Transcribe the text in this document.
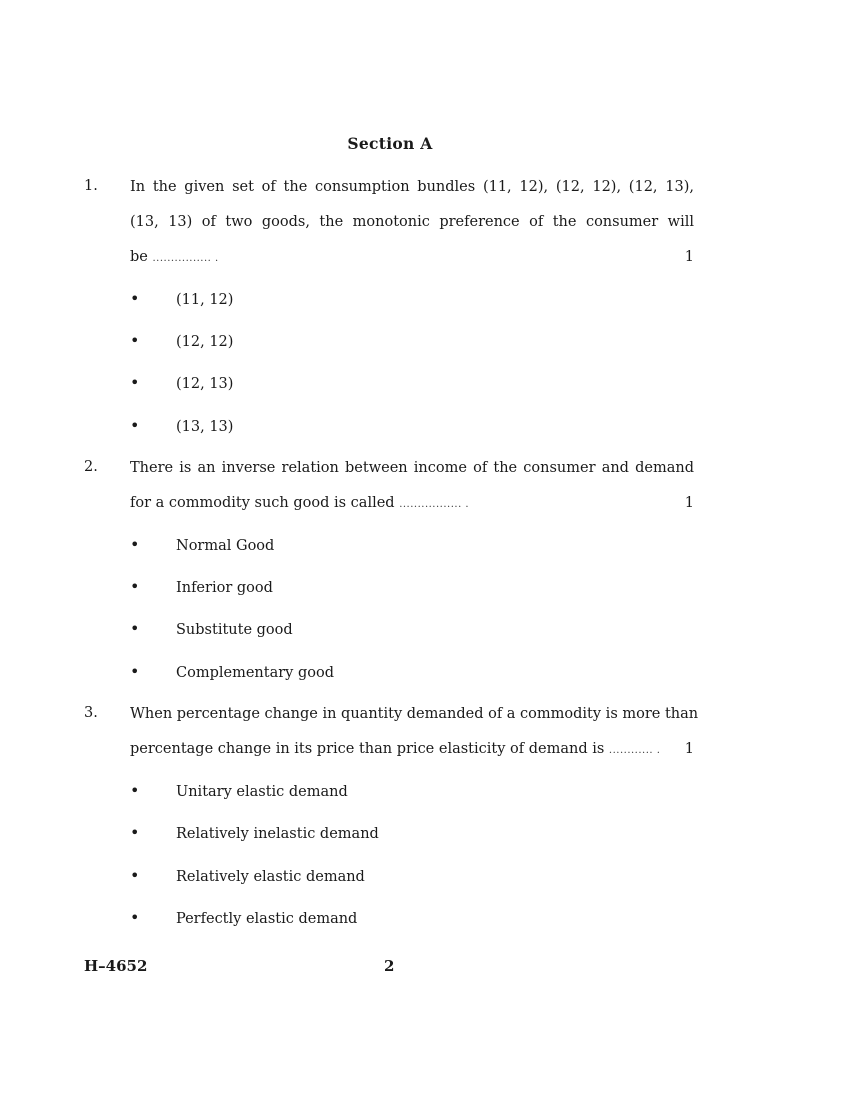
Section A
1. In the given set of the consumption bundles (11, 12), (12, 12), (12, 13),
(13, 13) of two goods, the monotonic preference of the consumer will
be ................ .	1
•	(11, 12)
•	(12, 12)
•	(12, 13)
•	(13, 13)
2. There is an inverse relation between income of the consumer and demand
for a commodity such good is called ................. .	1
•	Normal Good
•	Inferior good
•	Substitute good
•	Complementary good
3. When percentage change in quantity demanded of a commodity is more than
percentage change in its price than price elasticity of demand is ............ . 1
•	Unitary elastic demand
•	Relatively inelastic demand
•	Relatively elastic demand
•	Perfectly elastic demand
H–4652	2
